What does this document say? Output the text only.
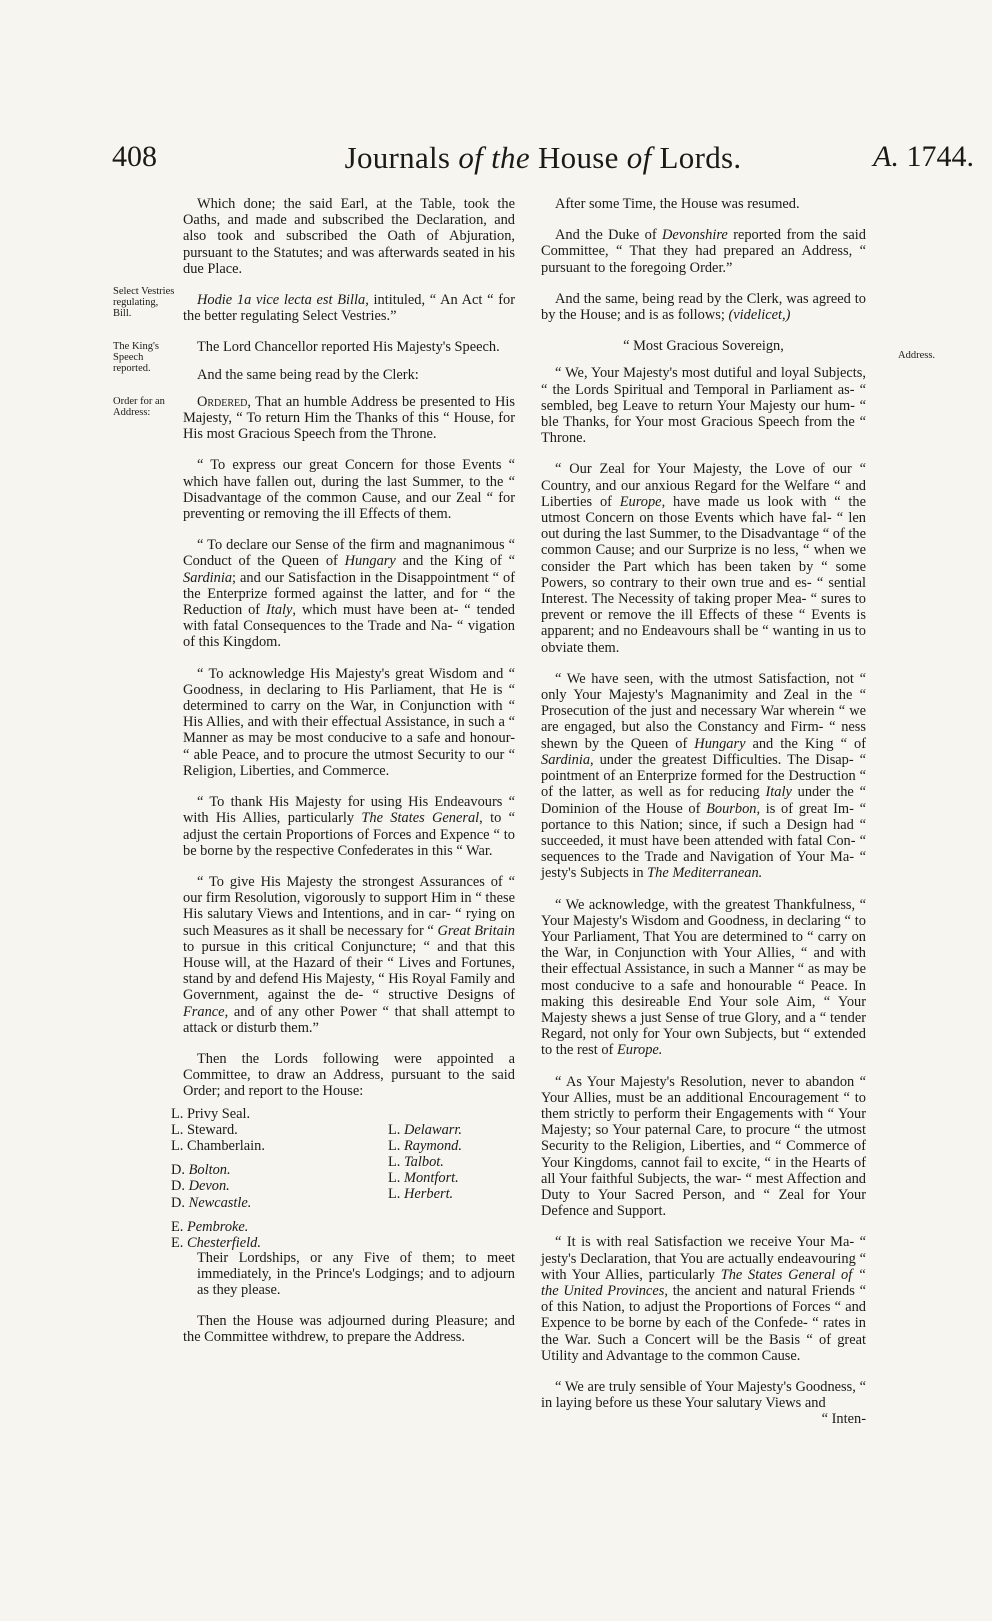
408	Journals of the House of Lords.	A. 1744.
Select Vestries regulating, Bill.
The King's Speech reported.
Order for an Address:
Address.

Which done; the said Earl, at the Table, took the Oaths, and made and subscribed the Declaration, and also took and subscribed the Oath of Abjuration, pursuant to the Statutes; and was afterwards seated in his due Place.

Hodie 1a vice lecta est Billa, intituled, “ An Act “ for the better regulating Select Vestries.”

The Lord Chancellor reported His Majesty's Speech.

And the same being read by the Clerk:

Ordered, That an humble Address be presented to His Majesty, “ To return Him the Thanks of this “ House, for His most Gracious Speech from the Throne.

“ To express our great Concern for those Events “ which have fallen out, during the last Summer, to the “ Disadvantage of the common Cause, and our Zeal “ for preventing or removing the ill Effects of them.

“ To declare our Sense of the firm and magnanimous “ Conduct of the Queen of Hungary and the King of “ Sardinia; and our Satisfaction in the Disappointment “ of the Enterprize formed against the latter, and for “ the Reduction of Italy, which must have been at- “ tended with fatal Consequences to the Trade and Na- “ vigation of this Kingdom.

“ To acknowledge His Majesty's great Wisdom and “ Goodness, in declaring to His Parliament, that He is “ determined to carry on the War, in Conjunction with “ His Allies, and with their effectual Assistance, in such a “ Manner as may be most conducive to a safe and honour- “ able Peace, and to procure the utmost Security to our “ Religion, Liberties, and Commerce.

“ To thank His Majesty for using His Endeavours “ with His Allies, particularly The States General, to “ adjust the certain Proportions of Forces and Expence “ to be borne by the respective Confederates in this “ War.

“ To give His Majesty the strongest Assurances of “ our firm Resolution, vigorously to support Him in “ these His salutary Views and Intentions, and in car- “ rying on such Measures as it shall be necessary for “ Great Britain to pursue in this critical Conjuncture; “ and that this House will, at the Hazard of their “ Lives and Fortunes, stand by and defend His Majesty, “ His Royal Family and Government, against the de- “ structive Designs of France, and of any other Power “ that shall attempt to attack or disturb them.”

Then the Lords following were appointed a Committee, to draw an Address, pursuant to the said Order; and report to the House:

L. Privy Seal.
L. Steward.
L. Chamberlain.
D. Bolton.
D. Devon.
D. Newcastle.
E. Pembroke.
E. Chesterfield.
L. Delawarr.
L. Raymond.
L. Talbot.
L. Montfort.
L. Herbert.

Their Lordships, or any Five of them; to meet immediately, in the Prince's Lodgings; and to adjourn as they please.

Then the House was adjourned during Pleasure; and the Committee withdrew, to prepare the Address.

After some Time, the House was resumed.

And the Duke of Devonshire reported from the said Committee, “ That they had prepared an Address, “ pursuant to the foregoing Order.”

And the same, being read by the Clerk, was agreed to by the House; and is as follows; (videlicet,)

“ Most Gracious Sovereign,

“ We, Your Majesty's most dutiful and loyal Subjects, “ the Lords Spiritual and Temporal in Parliament as- “ sembled, beg Leave to return Your Majesty our hum- “ ble Thanks, for Your most Gracious Speech from the “ Throne.

“ Our Zeal for Your Majesty, the Love of our “ Country, and our anxious Regard for the Welfare “ and Liberties of Europe, have made us look with “ the utmost Concern on those Events which have fal- “ len out during the last Summer, to the Disadvantage “ of the common Cause; and our Surprize is no less, “ when we consider the Part which has been taken by “ some Powers, so contrary to their own true and es- “ sential Interest. The Necessity of taking proper Mea- “ sures to prevent or remove the ill Effects of these “ Events is apparent; and no Endeavours shall be “ wanting in us to obviate them.

“ We have seen, with the utmost Satisfaction, not “ only Your Majesty's Magnanimity and Zeal in the “ Prosecution of the just and necessary War wherein “ we are engaged, but also the Constancy and Firm- “ ness shewn by the Queen of Hungary and the King “ of Sardinia, under the greatest Difficulties. The Disap- “ pointment of an Enterprize formed for the Destruction “ of the latter, as well as for reducing Italy under the “ Dominion of the House of Bourbon, is of great Im- “ portance to this Nation; since, if such a Design had “ succeeded, it must have been attended with fatal Con- “ sequences to the Trade and Navigation of Your Ma- “ jesty's Subjects in The Mediterranean.

“ We acknowledge, with the greatest Thankfulness, “ Your Majesty's Wisdom and Goodness, in declaring “ to Your Parliament, That You are determined to “ carry on the War, in Conjunction with Your Allies, “ and with their effectual Assistance, in such a Manner “ as may be most conducive to a safe and honourable “ Peace. In making this desireable End Your sole Aim, “ Your Majesty shews a just Sense of true Glory, and a “ tender Regard, not only for Your own Subjects, but “ extended to the rest of Europe.

“ As Your Majesty's Resolution, never to abandon “ Your Allies, must be an additional Encouragement “ to them strictly to perform their Engagements with “ Your Majesty; so Your paternal Care, to procure “ the utmost Security to the Religion, Liberties, and “ Commerce of Your Kingdoms, cannot fail to excite, “ in the Hearts of all Your faithful Subjects, the war- “ mest Affection and Duty to Your Sacred Person, and “ Zeal for Your Defence and Support.

“ It is with real Satisfaction we receive Your Ma- “ jesty's Declaration, that You are actually endeavouring “ with Your Allies, particularly The States General of “ the United Provinces, the ancient and natural Friends “ of this Nation, to adjust the Proportions of Forces “ and Expence to be borne by each of the Confede- “ rates in the War. Such a Concert will be the Basis “ of great Utility and Advantage to the common Cause.

“ We are truly sensible of Your Majesty's Goodness, “ in laying before us these Your salutary Views and

“ Inten-
